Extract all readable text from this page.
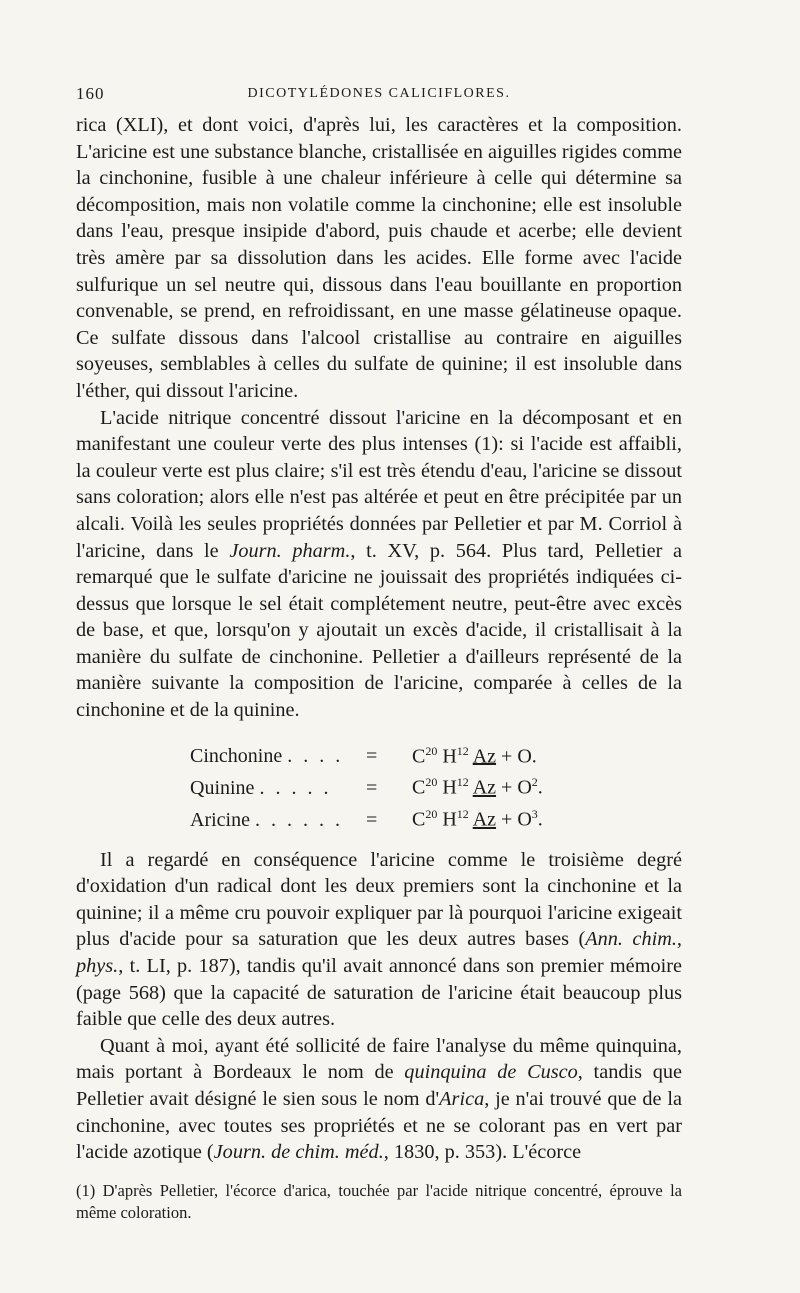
160	DICOTYLÉDONES CALICIFLORES.

rica (XLI), et dont voici, d'après lui, les caractères et la composition. L'aricine est une substance blanche, cristallisée en aiguilles rigides comme la cinchonine, fusible à une chaleur inférieure à celle qui détermine sa décomposition, mais non volatile comme la cinchonine; elle est insoluble dans l'eau, presque insipide d'abord, puis chaude et acerbe; elle devient très amère par sa dissolution dans les acides. Elle forme avec l'acide sulfurique un sel neutre qui, dissous dans l'eau bouillante en proportion convenable, se prend, en refroidissant, en une masse gélatineuse opaque. Ce sulfate dissous dans l'alcool cristallise au contraire en aiguilles soyeuses, semblables à celles du sulfate de quinine; il est insoluble dans l'éther, qui dissout l'aricine.

L'acide nitrique concentré dissout l'aricine en la décomposant et en manifestant une couleur verte des plus intenses (1): si l'acide est affaibli, la couleur verte est plus claire; s'il est très étendu d'eau, l'aricine se dissout sans coloration; alors elle n'est pas altérée et peut en être précipitée par un alcali. Voilà les seules propriétés données par Pelletier et par M. Corriol à l'aricine, dans le Journ. pharm., t. XV, p. 564. Plus tard, Pelletier a remarqué que le sulfate d'aricine ne jouissait des propriétés indiquées ci-dessus que lorsque le sel était complétement neutre, peut-être avec excès de base, et que, lorsqu'on y ajoutait un excès d'acide, il cristallisait à la manière du sulfate de cinchonine. Pelletier a d'ailleurs représenté de la manière suivante la composition de l'aricine, comparée à celles de la cinchonine et de la quinine.

Cinchonine . . . .	=	$C^{20}$ $H^{12}$ Az + O.
Quinine . . . . .	=	$C^{20}$ $H^{12}$ $Az + O^2$.
Aricine . . . . . .	=	$C^{20}$ $H^{12}$ $Az + O^3$.

Il a regardé en conséquence l'aricine comme le troisième degré d'oxidation d'un radical dont les deux premiers sont la cinchonine et la quinine; il a même cru pouvoir expliquer par là pourquoi l'aricine exigeait plus d'acide pour sa saturation que les deux autres bases (Ann. chim., phys., t. LI, p. 187), tandis qu'il avait annoncé dans son premier mémoire (page 568) que la capacité de saturation de l'aricine était beaucoup plus faible que celle des deux autres.

Quant à moi, ayant été sollicité de faire l'analyse du même quinquina, mais portant à Bordeaux le nom de quinquina de Cusco, tandis que Pelletier avait désigné le sien sous le nom d'Arica, je n'ai trouvé que de la cinchonine, avec toutes ses propriétés et ne se colorant pas en vert par l'acide azotique (Journ. de chim. méd., 1830, p. 353). L'écorce

(1) D'après Pelletier, l'écorce d'arica, touchée par l'acide nitrique concentré, éprouve la même coloration.
